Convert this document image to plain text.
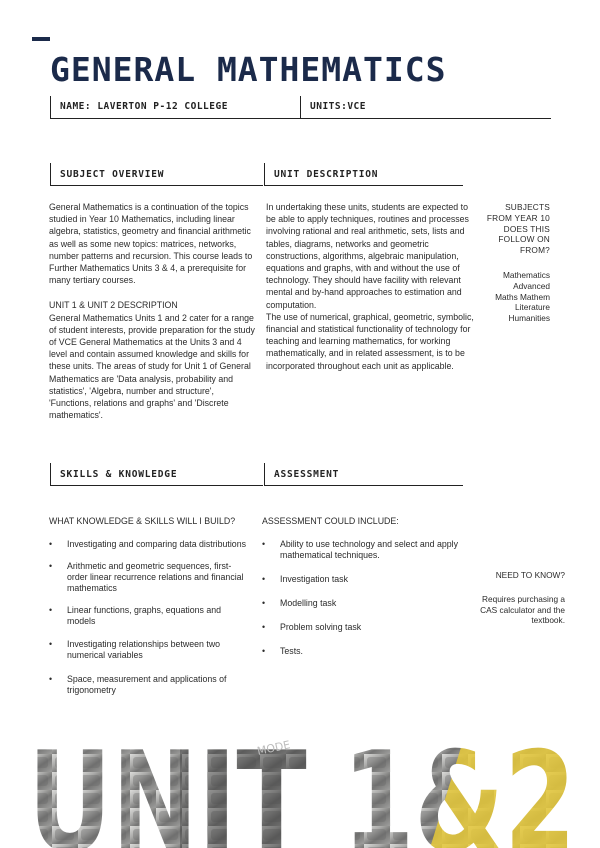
GENERAL MATHEMATICS
NAME: LAVERTON P-12 COLLEGE	UNITS:VCE
SUBJECT OVERVIEW	UNIT DESCRIPTION

General Mathematics is a continuation of the topics studied in Year 10 Mathematics, including linear algebra, statistics, geometry and financial arithmetic as well as some new topics: matrices, networks, number patterns and recursion. This course leads to Further Mathematics Units 3 & 4, a prerequisite for many tertiary courses.

UNIT 1 & UNIT 2 DESCRIPTION

General Mathematics Units 1 and 2 cater for a range of student interests, provide preparation for the study of VCE General Mathematics at the Units 3 and 4 level and contain assumed knowledge and skills for these units. The areas of study for Unit 1 of General Mathematics are 'Data analysis, probability and statistics', 'Algebra, number and structure', 'Functions, relations and graphs' and 'Discrete mathematics'.

In undertaking these units, students are expected to be able to apply techniques, routines and processes involving rational and real arithmetic, sets, lists and tables, diagrams, networks and geometric constructions, algorithms, algebraic manipulation, equations and graphs, with and without the use of technology. They should have facility with relevant mental and by-hand approaches to estimation and computation.

The use of numerical, graphical, geometric, symbolic, financial and statistical functionality of technology for teaching and learning mathematics, for working mathematically, and in related assessment, is to be incorporated throughout each unit as applicable.

SUBJECTS FROM YEAR 10 DOES THIS FOLLOW ON FROM?
Mathematics
Advanced
Maths Mathem
Literature
Humanities
SKILLS & KNOWLEDGE	ASSESSMENT
WHAT KNOWLEDGE & SKILLS WILL I BUILD?
• Investigating and comparing data distributions
• Arithmetic and geometric sequences, first-order linear recurrence relations and financial mathematics
• Linear functions, graphs, equations and models
• Investigating relationships between two numerical variables
• Space, measurement and applications of trigonometry
ASSESSMENT COULD INCLUDE:
• Ability to use technology and select and apply mathematical techniques.
• Investigation task
• Modelling task
• Problem solving task
• Tests.
NEED TO KNOW?
Requires purchasing a CAS calculator and the textbook.
MODE
